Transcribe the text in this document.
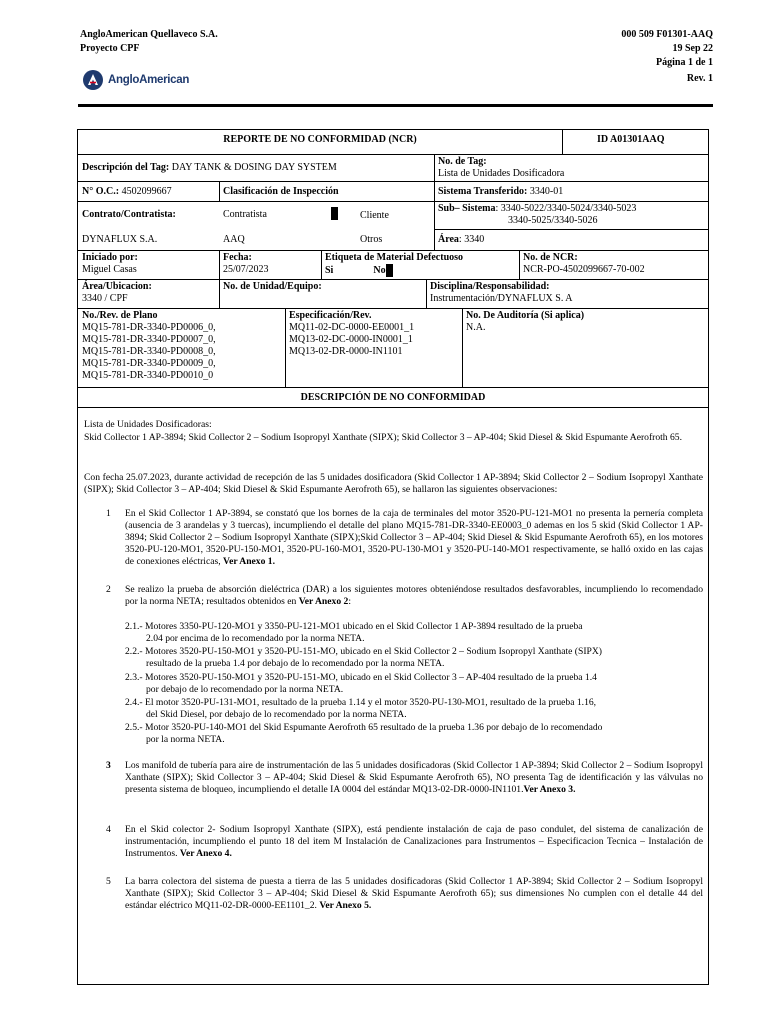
AngloAmerican Quellaveco S.A.
Proyecto CPF
000 509 F01301-AAQ
19 Sep 22
Página 1 de 1
Rev. 1
AngloAmerican
REPORTE DE NO CONFORMIDAD (NCR)	ID A01301AAQ
Descripción del Tag: DAY TANK & DOSING DAY SYSTEM
No. de Tag:
Lista de Unidades Dosificadora
N° O.C.: 4502099667	Clasificación de Inspección	Sistema Transferido: 3340-01
Contrato/Contratista:	Contratista	Cliente
Sub– Sistema: 3340-5022/3340-5024/3340-5023
3340-5025/3340-5026
DYNAFLUX S.A.	AAQ	Otros	Área: 3340
Iniciado por:
Miguel Casas
Fecha:
25/07/2023
Etiqueta de Material Defectuoso
Si	No
No. de NCR:
NCR-PO-4502099667-70-002
Área/Ubicacion:
3340 / CPF
No. de Unidad/Equipo:	Disciplina/Responsabilidad:
Instrumentación/DYNAFLUX S. A
No./Rev. de Plano
MQ15-781-DR-3340-PD0006_0,
MQ15-781-DR-3340-PD0007_0,
MQ15-781-DR-3340-PD0008_0,
MQ15-781-DR-3340-PD0009_0,
MQ15-781-DR-3340-PD0010_0
Especificación/Rev.
MQ11-02-DC-0000-EE0001_1
MQ13-02-DC-0000-IN0001_1
MQ13-02-DR-0000-IN1101
No. De Auditoría (Si aplica)
N.A.
DESCRIPCIÓN DE NO CONFORMIDAD
Lista de Unidades Dosificadoras:
Skid Collector 1 AP-3894; Skid Collector 2 – Sodium Isopropyl Xanthate (SIPX); Skid Collector 3 – AP-404; Skid Diesel & Skid Espumante Aerofroth 65.
Con fecha 25.07.2023, durante actividad de recepción de las 5 unidades dosificadora (Skid Collector 1 AP-3894; Skid Collector 2 – Sodium Isopropyl Xanthate (SIPX); Skid Collector 3 – AP-404; Skid Diesel & Skid Espumante Aerofroth 65), se hallaron las siguientes observaciones:
1 En el Skid Collector 1 AP-3894, se constató que los bornes de la caja de terminales del motor 3520-PU-121-MO1 no presenta la pernería completa (ausencia de 3 arandelas y 3 tuercas), incumpliendo el detalle del plano MQ15-781-DR-3340-EE0003_0 ademas en los 5 skid (Skid Collector 1 AP-3894; Skid Collector 2 – Sodium Isopropyl Xanthate (SIPX);Skid Collector 3 – AP-404; Skid Diesel & Skid Espumante Aerofroth 65), en los motores 3520-PU-120-MO1, 3520-PU-150-MO1, 3520-PU-160-MO1, 3520-PU-130-MO1 y 3520-PU-140-MO1 respectivamente, se halló oxido en las cajas de conexiones eléctricas, Ver Anexo 1.
2 Se realizo la prueba de absorción dieléctrica (DAR) a los siguientes motores obteniéndose resultados desfavorables, incumpliendo lo recomendado por la norma NETA; resultados obtenidos en Ver Anexo 2:
2.1.- Motores 3350-PU-120-MO1 y 3350-PU-121-MO1 ubicado en el Skid Collector 1 AP-3894 resultado de la prueba
2.04 por encima de lo recomendado por la norma NETA.
2.2.- Motores 3520-PU-150-MO1 y 3520-PU-151-MO, ubicado en el Skid Collector 2 – Sodium Isopropyl Xanthate (SIPX)
resultado de la prueba 1.4 por debajo de lo recomendado por la norma NETA.
2.3.- Motores 3520-PU-150-MO1 y 3520-PU-151-MO, ubicado en el Skid Collector 3 – AP-404 resultado de la prueba 1.4
por debajo de lo recomendado por la norma NETA.
2.4.- El motor 3520-PU-131-MO1, resultado de la prueba 1.14 y el motor 3520-PU-130-MO1, resultado de la prueba 1.16,
del Skid Diesel, por debajo de lo recomendado por la norma NETA.
2.5.- Motor 3520-PU-140-MO1 del Skid Espumante Aerofroth 65 resultado de la prueba 1.36 por debajo de lo recomendado
por la norma NETA.
3 Los manifold de tubería para aire de instrumentación de las 5 unidades dosificadoras (Skid Collector 1 AP-3894; Skid Collector 2 – Sodium Isopropyl Xanthate (SIPX); Skid Collector 3 – AP-404; Skid Diesel & Skid Espumante Aerofroth 65), NO presenta Tag de identificación y las válvulas no presenta sistema de bloqueo, incumpliendo el detalle IA 0004 del estándar MQ13-02-DR-0000-IN1101.Ver Anexo 3.
4 En el Skid colector 2- Sodium Isopropyl Xanthate (SIPX), está pendiente instalación de caja de paso condulet, del sistema de canalización de instrumentación, incumpliendo el punto 18 del item M Instalación de Canalizaciones para Instrumentos – Especificacion Tecnica – Instalación de Instrumentos. Ver Anexo 4.
5 La barra colectora del sistema de puesta a tierra de las 5 unidades dosificadoras (Skid Collector 1 AP-3894; Skid Collector 2 – Sodium Isopropyl Xanthate (SIPX); Skid Collector 3 – AP-404; Skid Diesel & Skid Espumante Aerofroth 65); sus dimensiones No cumplen con el detalle 44 del estándar eléctrico MQ11-02-DR-0000-EE1101_2. Ver Anexo 5.
